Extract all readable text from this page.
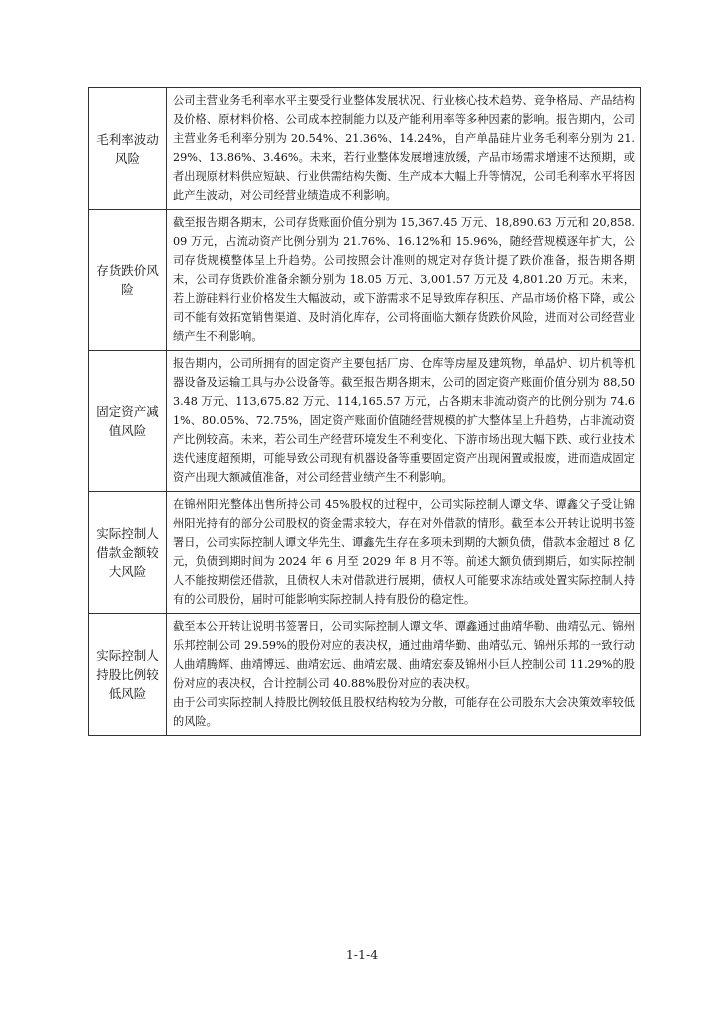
毛利率波动风险	公司主营业务毛利率水平主要受行业整体发展状况、行业核心技术趋势、竞争格局、产品结构及价格、原材料价格、公司成本控制能力以及产能利用率等多种因素的影响。报告期内，公司主营业务毛利率分别为 20.54%、21.36%、14.24%，自产单晶硅片业务毛利率分别为 21.29%、13.86%、3.46%。未来，若行业整体发展增速放缓，产品市场需求增速不达预期，或者出现原材料供应短缺、行业供需结构失衡、生产成本大幅上升等情况，公司毛利率水平将因此产生波动，对公司经营业绩造成不利影响。

存货跌价风险	截至报告期各期末，公司存货账面价值分别为 15,367.45 万元、18,890.63 万元和 20,858.09 万元，占流动资产比例分别为 21.76%、16.12%和 15.96%，随经营规模逐年扩大，公司存货规模整体呈上升趋势。公司按照会计准则的规定对存货计提了跌价准备，报告期各期末，公司存货跌价准备余额分别为 18.05 万元、3,001.57 万元及 4,801.20 万元。未来，若上游硅料行业价格发生大幅波动，或下游需求不足导致库存积压、产品市场价格下降，或公司不能有效拓宽销售渠道、及时消化库存，公司将面临大额存货跌价风险，进而对公司经营业绩产生不利影响。

固定资产减值风险	报告期内，公司所拥有的固定资产主要包括厂房、仓库等房屋及建筑物，单晶炉、切片机等机器设备及运输工具与办公设备等。截至报告期各期末，公司的固定资产账面价值分别为 88,503.48 万元、113,675.82 万元、114,165.57 万元，占各期末非流动资产的比例分别为 74.61%、80.05%、72.75%，固定资产账面价值随经营规模的扩大整体呈上升趋势，占非流动资产比例较高。未来，若公司生产经营环境发生不利变化、下游市场出现大幅下跌、或行业技术迭代速度超预期，可能导致公司现有机器设备等重要固定资产出现闲置或报废，进而造成固定资产出现大额减值准备，对公司经营业绩产生不利影响。

实际控制人借款金额较大风险	在锦州阳光整体出售所持公司 45%股权的过程中，公司实际控制人谭文华、谭鑫父子受让锦州阳光持有的部分公司股权的资金需求较大，存在对外借款的情形。截至本公开转让说明书签署日，公司实际控制人谭文华先生、谭鑫先生存在多项未到期的大额负债，借款本金超过 8 亿元，负债到期时间为 2024 年 6 月至 2029 年 8 月不等。前述大额负债到期后，如实际控制人不能按期偿还借款，且债权人未对借款进行展期，债权人可能要求冻结或处置实际控制人持有的公司股份，届时可能影响实际控制人持有股份的稳定性。

实际控制人持股比例较低风险	截至本公开转让说明书签署日，公司实际控制人谭文华、谭鑫通过曲靖华勒、曲靖弘元、锦州乐邦控制公司 29.59%的股份对应的表决权，通过曲靖华勤、曲靖弘元、锦州乐邦的一致行动人曲靖腾辉、曲靖博远、曲靖宏远、曲靖宏晟、曲靖宏泰及锦州小巨人控制公司 11.29%的股份对应的表决权，合计控制公司 40.88%股份对应的表决权。

由于公司实际控制人持股比例较低且股权结构较为分散，可能存在公司股东大会决策效率较低的风险。

1-1-4
